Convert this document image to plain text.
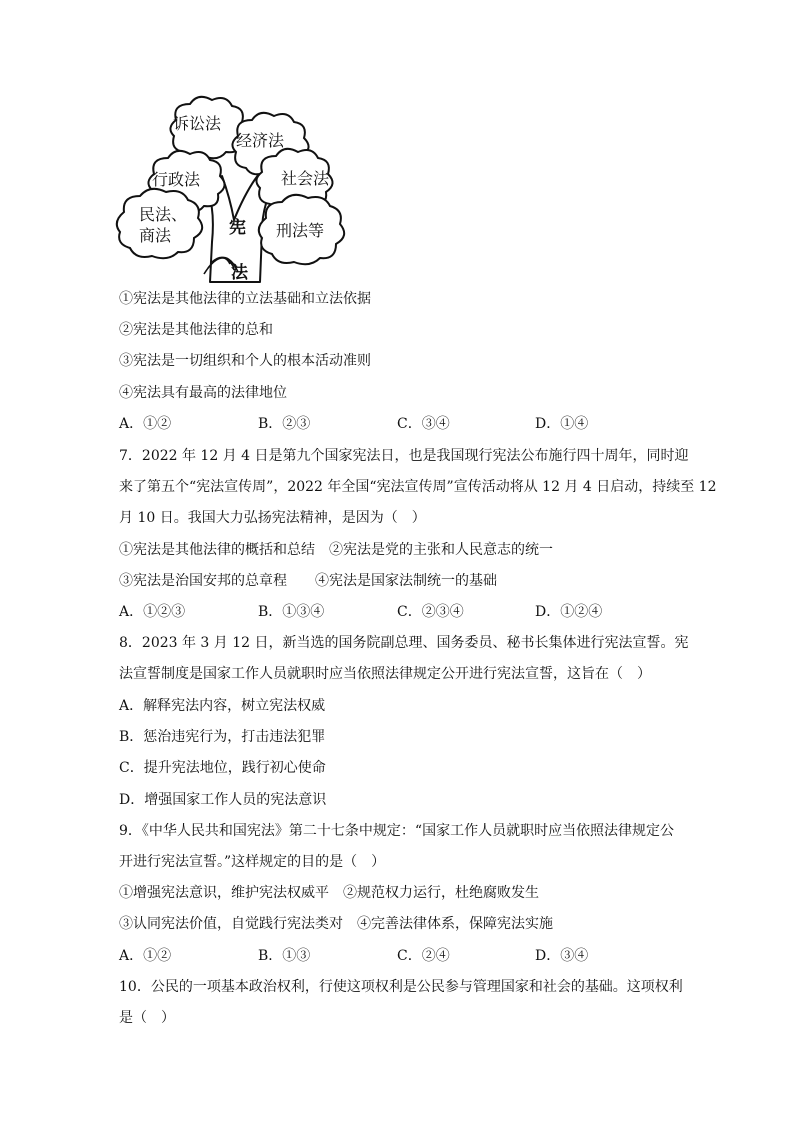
诉讼法
经济法
行政法	社会法
民法、
商法	刑法等
宪
法
①宪法是其他法律的立法基础和立法依据
②宪法是其他法律的总和
③宪法是一切组织和个人的根本活动准则
④宪法具有最高的法律地位
A．①②	B．②③	C．③④	D．①④
7．2022 年 12 月 4 日是第九个国家宪法日，也是我国现行宪法公布施行四十周年，同时迎
来了第五个“宪法宣传周”，2022 年全国“宪法宣传周”宣传活动将从 12 月 4 日启动，持续至 12
月 10 日。我国大力弘扬宪法精神，是因为（　）
①宪法是其他法律的概括和总结　②宪法是党的主张和人民意志的统一
③宪法是治国安邦的总章程　　④宪法是国家法制统一的基础
A．①②③	B．①③④	C．②③④	D．①②④
8．2023 年 3 月 12 日，新当选的国务院副总理、国务委员、秘书长集体进行宪法宣誓。宪
法宣誓制度是国家工作人员就职时应当依照法律规定公开进行宪法宣誓，这旨在（　）
A．解释宪法内容，树立宪法权威
B．惩治违宪行为，打击违法犯罪
C．提升宪法地位，践行初心使命
D．增强国家工作人员的宪法意识
9．《中华人民共和国宪法》第二十七条中规定：“国家工作人员就职时应当依照法律规定公
开进行宪法宣誓。”这样规定的目的是（　）
①增强宪法意识，维护宪法权威平　②规范权力运行，杜绝腐败发生
③认同宪法价值，自觉践行宪法类对　④完善法律体系，保障宪法实施
A．①②	B．①③	C．②④	D．③④
10．公民的一项基本政治权利，行使这项权利是公民参与管理国家和社会的基础。这项权利
是（　）
